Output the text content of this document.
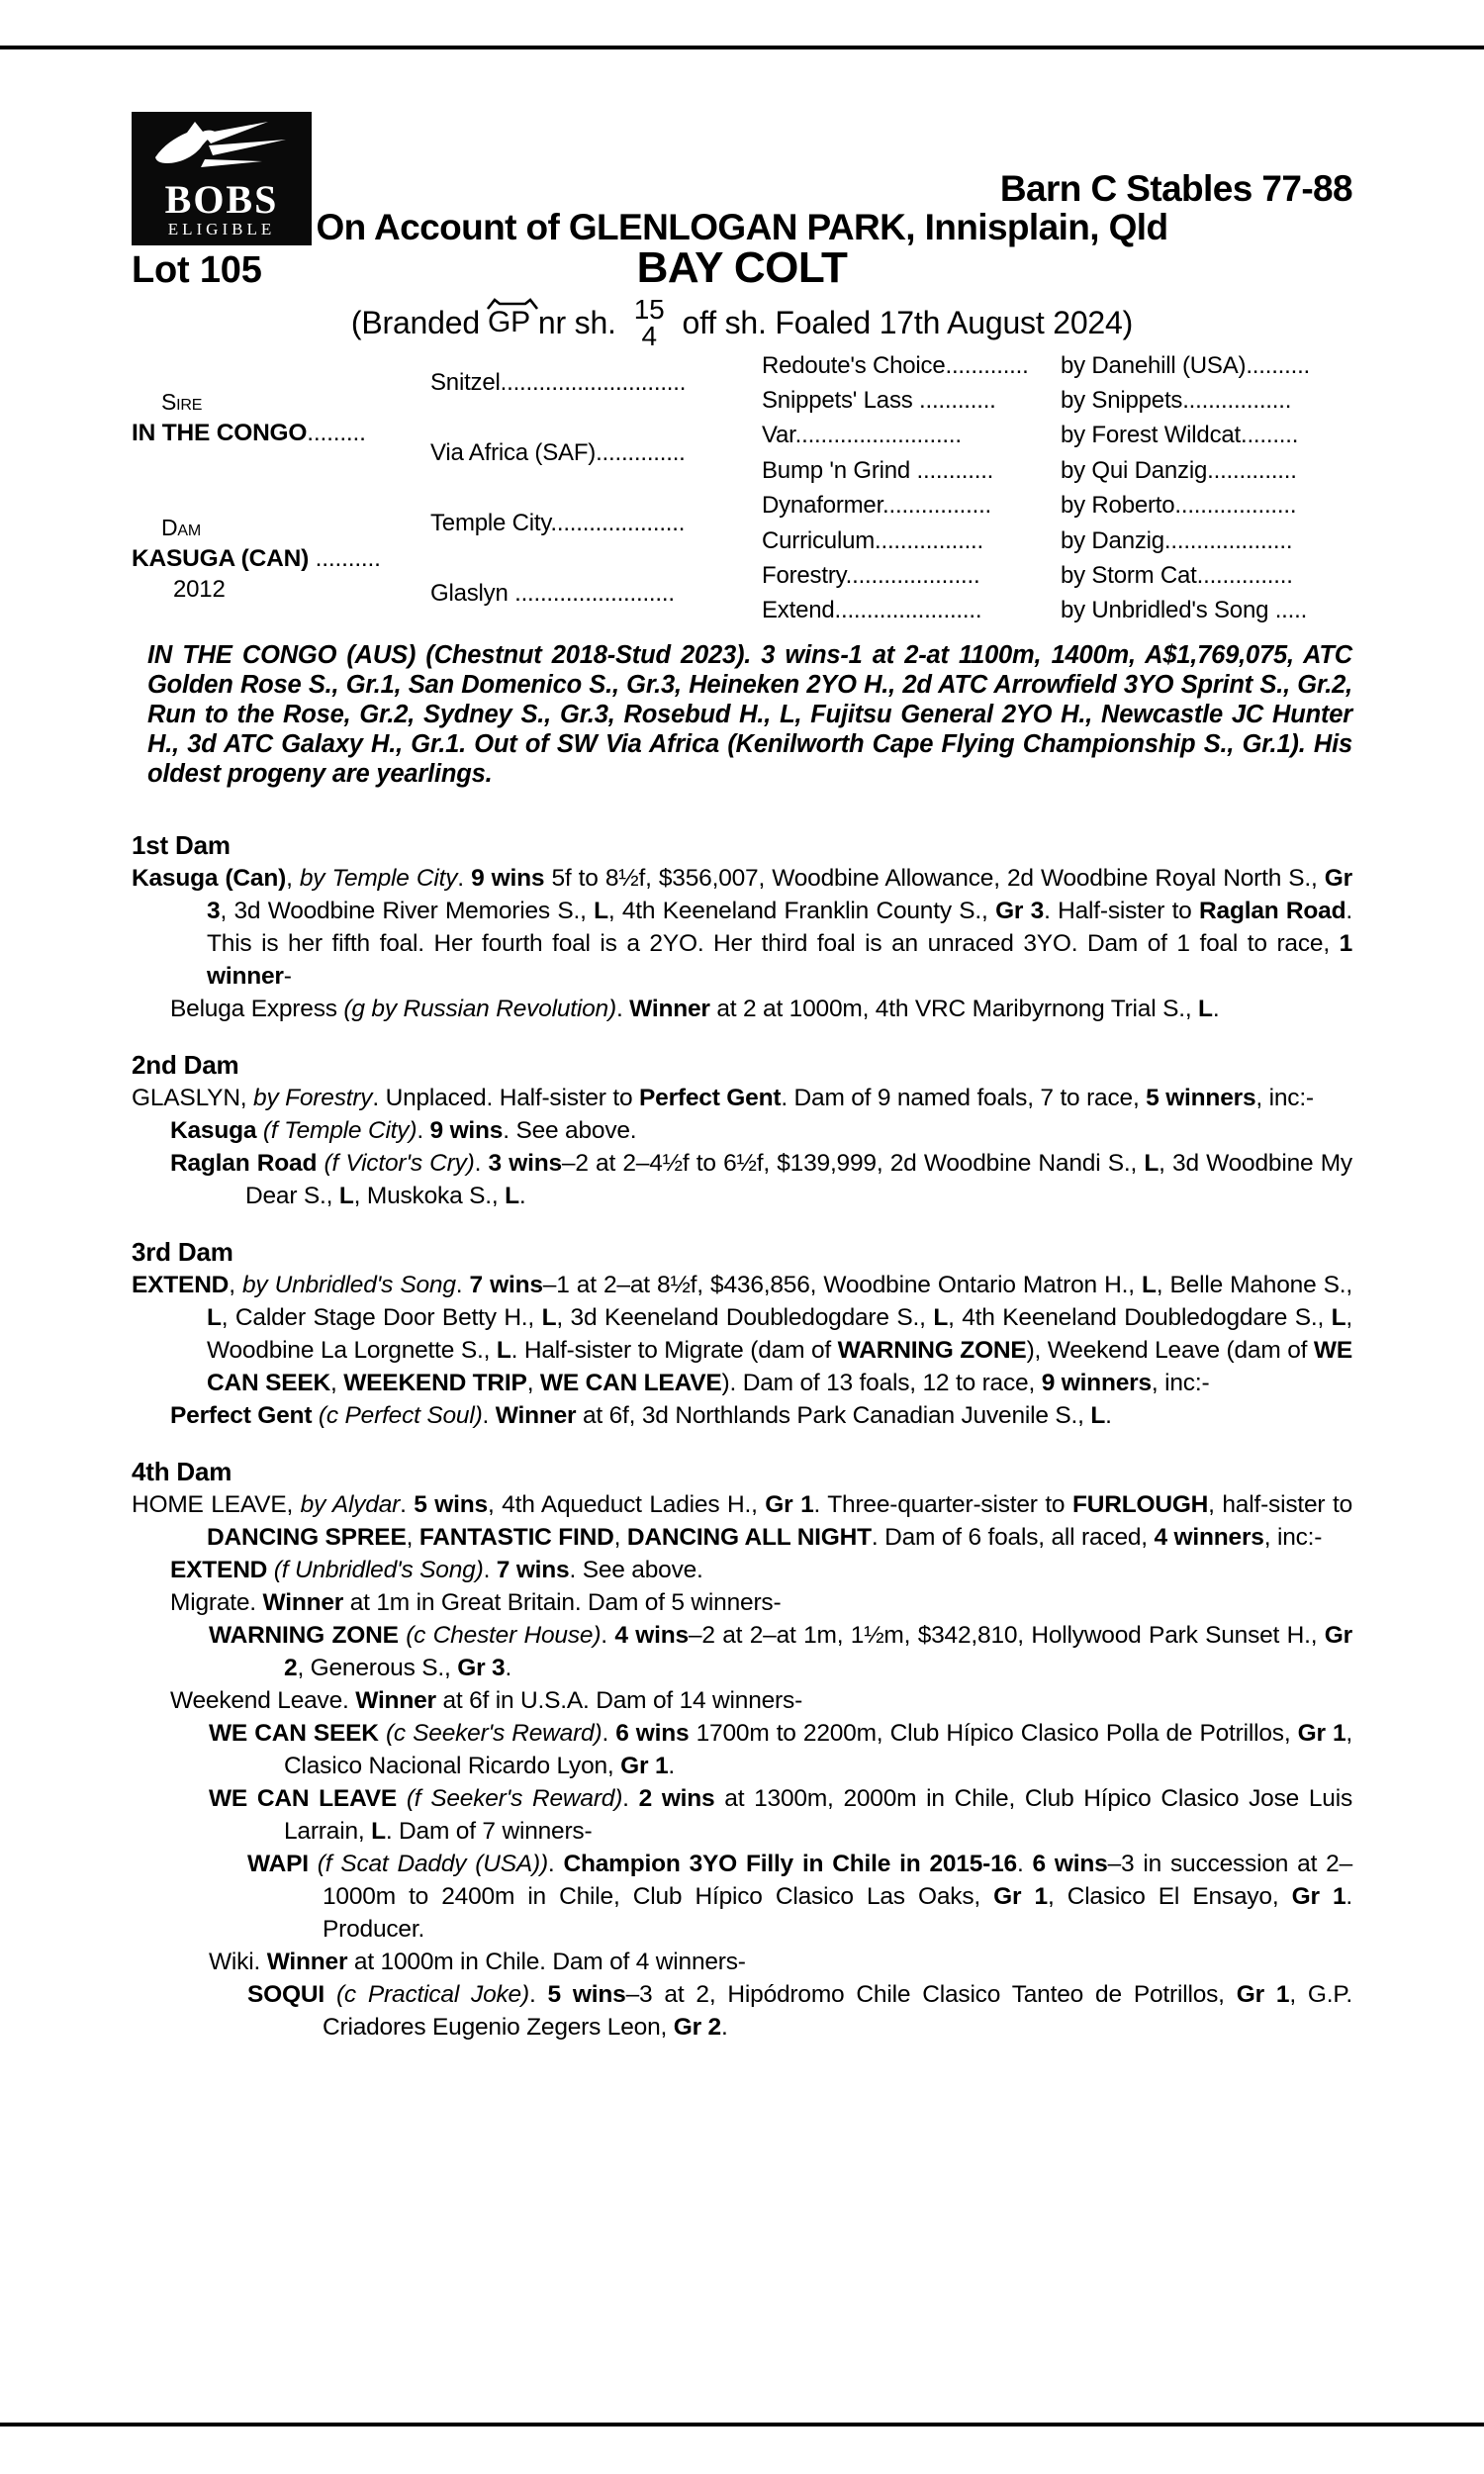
BOBS
ELIGIBLE
Barn C Stables 77-88
On Account of GLENLOGAN PARK, Innisplain, Qld
Lot 105	BAY COLT
(Branded GP nr sh. 15
4 off sh. Foaled 17th August 2024)
Sire
IN THE CONGO.........
Dam
KASUGA (CAN) ..........
2012
Snitzel.............................
Via Africa (SAF)..............
Temple City.....................
Glaslyn .........................
Redoute's Choice.............	by Danehill (USA)..........
Snippets' Lass ............	by Snippets.................
Var..........................	by Forest Wildcat.........
Bump 'n Grind ............	by Qui Danzig..............
Dynaformer.................	by Roberto...................
Curriculum.................	by Danzig....................
Forestry.....................	by Storm Cat...............
Extend.......................	by Unbridled's Song .....
IN THE CONGO (AUS) (Chestnut 2018-Stud 2023). 3 wins-1 at 2-at 1100m, 1400m, A$1,769,075, ATC Golden Rose S., Gr.1, San Domenico S., Gr.3, Heineken 2YO H., 2d ATC Arrowfield 3YO Sprint S., Gr.2, Run to the Rose, Gr.2, Sydney S., Gr.3, Rosebud H., L, Fujitsu General 2YO H., Newcastle JC Hunter H., 3d ATC Galaxy H., Gr.1. Out of SW Via Africa (Kenilworth Cape Flying Championship S., Gr.1). His oldest progeny are yearlings.
1st Dam

Kasuga (Can), by Temple City. 9 wins 5f to 8½f, $356,007, Woodbine Allowance, 2d Woodbine Royal North S., Gr 3, 3d Woodbine River Memories S., L, 4th Keeneland Franklin County S., Gr 3. Half-sister to Raglan Road. This is her fifth foal. Her fourth foal is a 2YO. Her third foal is an unraced 3YO. Dam of 1 foal to race, 1 winner-

Beluga Express (g by Russian Revolution). Winner at 2 at 1000m, 4th VRC Maribyrnong Trial S., L.

2nd Dam

GLASLYN, by Forestry. Unplaced. Half-sister to Perfect Gent. Dam of 9 named foals, 7 to race, 5 winners, inc:-

Kasuga (f Temple City). 9 wins. See above.

Raglan Road (f Victor's Cry). 3 wins–2 at 2–4½f to 6½f, $139,999, 2d Woodbine Nandi S., L, 3d Woodbine My Dear S., L, Muskoka S., L.

3rd Dam

EXTEND, by Unbridled's Song. 7 wins–1 at 2–at 8½f, $436,856, Woodbine Ontario Matron H., L, Belle Mahone S., L, Calder Stage Door Betty H., L, 3d Keeneland Doubledogdare S., L, 4th Keeneland Doubledogdare S., L, Woodbine La Lorgnette S., L. Half-sister to Migrate (dam of WARNING ZONE), Weekend Leave (dam of WE CAN SEEK, WEEKEND TRIP, WE CAN LEAVE). Dam of 13 foals, 12 to race, 9 winners, inc:-

Perfect Gent (c Perfect Soul). Winner at 6f, 3d Northlands Park Canadian Juvenile S., L.

4th Dam

HOME LEAVE, by Alydar. 5 wins, 4th Aqueduct Ladies H., Gr 1. Three-quarter-sister to FURLOUGH, half-sister to DANCING SPREE, FANTASTIC FIND, DANCING ALL NIGHT. Dam of 6 foals, all raced, 4 winners, inc:-

EXTEND (f Unbridled's Song). 7 wins. See above.

Migrate. Winner at 1m in Great Britain. Dam of 5 winners-

WARNING ZONE (c Chester House). 4 wins–2 at 2–at 1m, 1½m, $342,810, Hollywood Park Sunset H., Gr 2, Generous S., Gr 3.

Weekend Leave. Winner at 6f in U.S.A. Dam of 14 winners-

WE CAN SEEK (c Seeker's Reward). 6 wins 1700m to 2200m, Club Hípico Clasico Polla de Potrillos, Gr 1, Clasico Nacional Ricardo Lyon, Gr 1.

WE CAN LEAVE (f Seeker's Reward). 2 wins at 1300m, 2000m in Chile, Club Hípico Clasico Jose Luis Larrain, L. Dam of 7 winners-

WAPI (f Scat Daddy (USA)). Champion 3YO Filly in Chile in 2015-16. 6 wins–3 in succession at 2–1000m to 2400m in Chile, Club Hípico Clasico Las Oaks, Gr 1, Clasico El Ensayo, Gr 1. Producer.

Wiki. Winner at 1000m in Chile. Dam of 4 winners-

SOQUI (c Practical Joke). 5 wins–3 at 2, Hipódromo Chile Clasico Tanteo de Potrillos, Gr 1, G.P. Criadores Eugenio Zegers Leon, Gr 2.
